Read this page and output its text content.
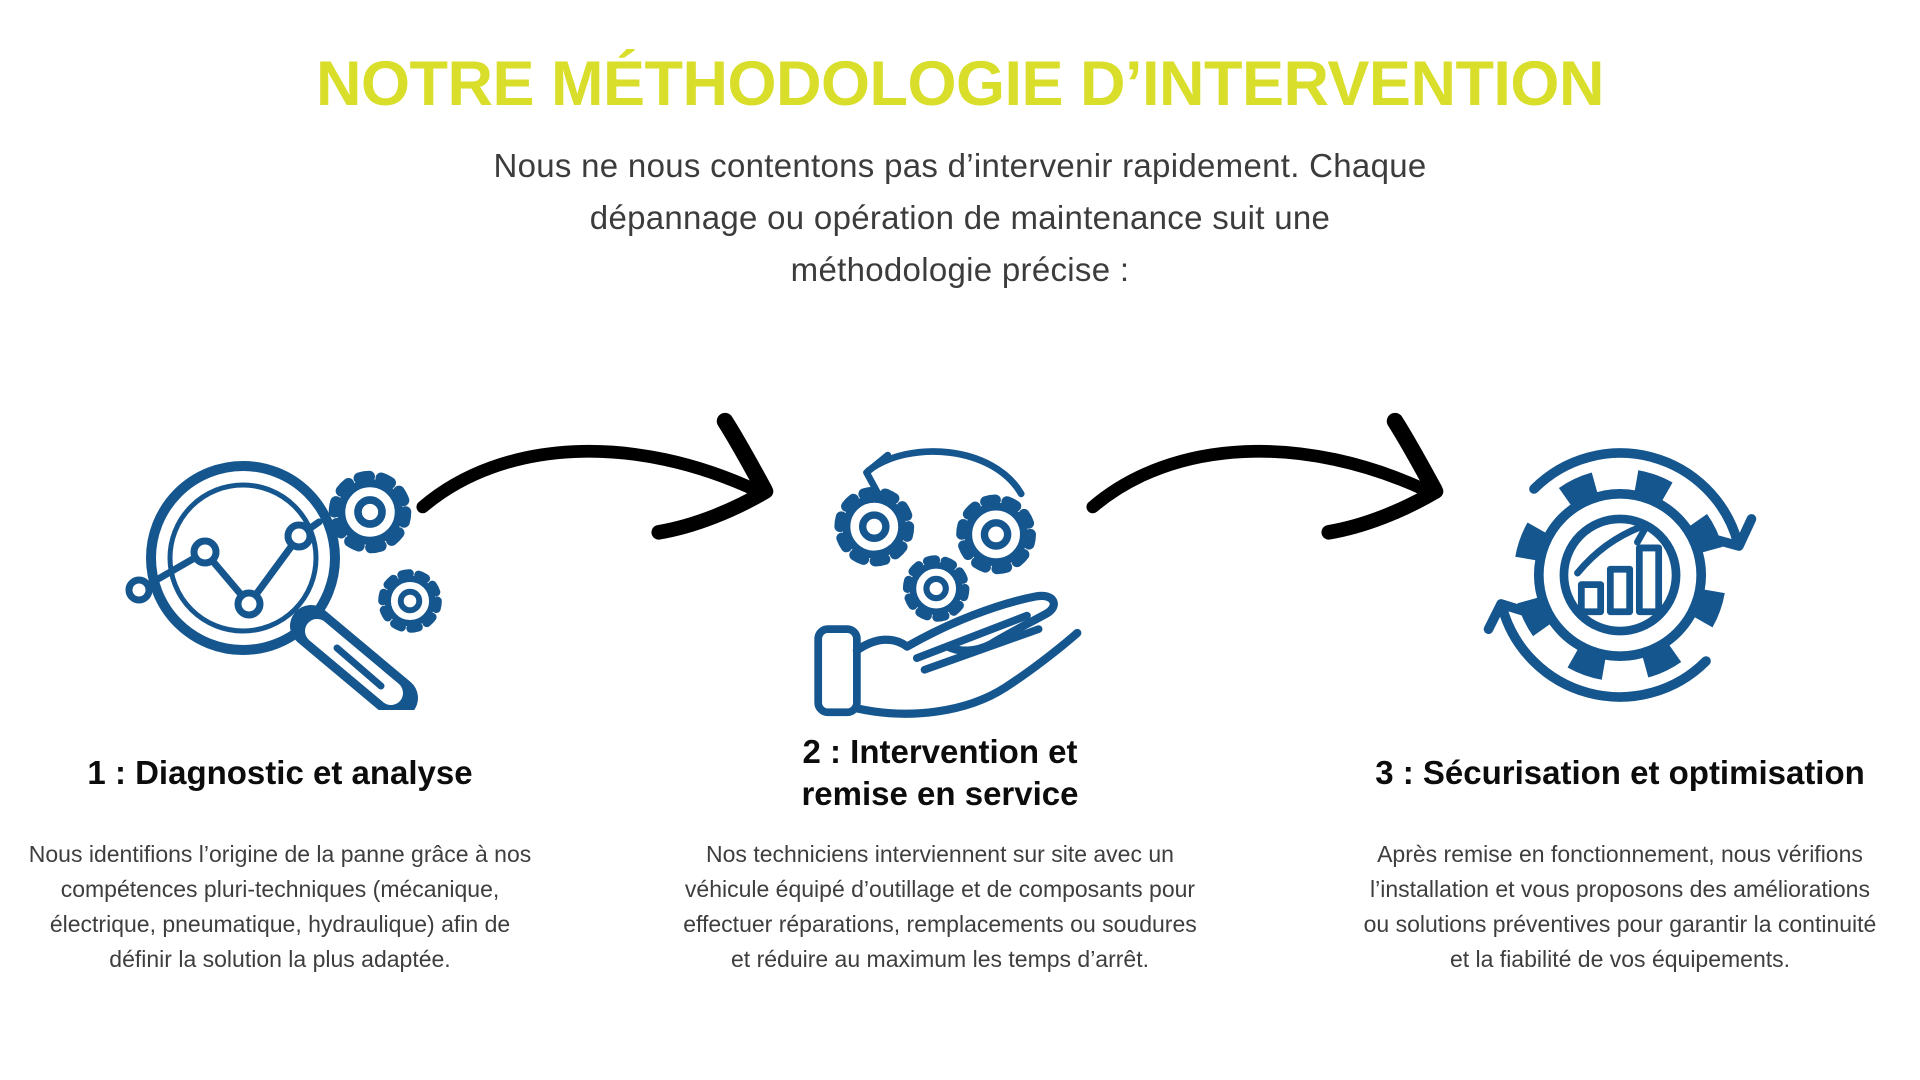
NOTRE MÉTHODOLOGIE D’INTERVENTION
Nous ne nous contentons pas d’intervenir rapidement. Chaque
dépannage ou opération de maintenance suit une
méthodologie précise :
1 : Diagnostic et analyse
Nous identifions l’origine de la panne grâce à nos
compétences pluri-techniques (mécanique,
électrique, pneumatique, hydraulique) afin de
définir la solution la plus adaptée.
2 : Intervention et
remise en service
Nos techniciens interviennent sur site avec un
véhicule équipé d’outillage et de composants pour
effectuer réparations, remplacements ou soudures
et réduire au maximum les temps d’arrêt.
3 : Sécurisation et optimisation
Après remise en fonctionnement, nous vérifions
l’installation et vous proposons des améliorations
ou solutions préventives pour garantir la continuité
et la fiabilité de vos équipements.
